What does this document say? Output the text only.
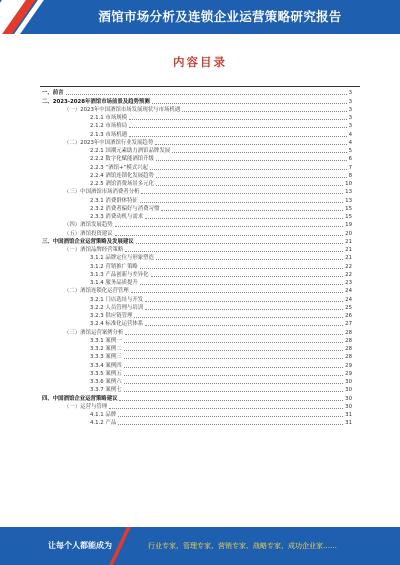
酒馆市场分析及连锁企业运营策略研究报告
内容目录
一、前言	3
二、2023-2028年酒馆市场前景及趋势预测	3
（一）2023年中国酒馆市场发展现状与市场机遇	3
2.1.1 市场规模	3
2.1.2 市场格局	3
2.1.3 市场机遇	4
（二）2023年中国酒馆行业发展趋势	4
2.2.1 国潮元素助力酒馆品牌发展	5
2.2.2 数字化赋能酒馆升级	6
2.2.3 “酒馆+”模式兴起	7
2.2.4 酒馆连锁化发展趋势	8
2.2.5 酒馆消费场景多元化	10
（三）中国酒馆市场消费者分析	13
2.3.1 消费群体特征	13
2.3.2 消费者偏好与消费习惯	15
2.3.3 消费动机与需求	15
（四）酒馆发展趋势	19
（五）酒馆投资建议	20
三、中国酒馆企业运营策略及发展建议	21
（一）酒馆品牌经营策略	21
3.1.1 品牌定位与形象塑造	21
3.1.2 营销推广策略	22
3.1.3 产品创新与差异化	22
3.1.4 服务品质提升	23
（二）酒馆连锁化运营管理	24
3.2.1 门店选址与开发	24
3.2.2 人员管理与培训	25
3.2.3 供应链管理	26
3.2.4 标准化运营体系	27
（三）酒馆运营案例分析	28
3.3.1 案例一	28
3.3.2 案例二	28
3.3.3 案例三	28
3.3.4 案例四	29
3.3.5 案例五	29
3.3.6 案例六	30
3.3.7 案例七	30
四、中国酒馆企业运营策略建议	30
（一）运营与管理	30
4.1.1 品牌	31
4.1.2 产品	31
让每个人都能成为	行业专家、管理专家、营销专家、战略专家、成功企业家……
